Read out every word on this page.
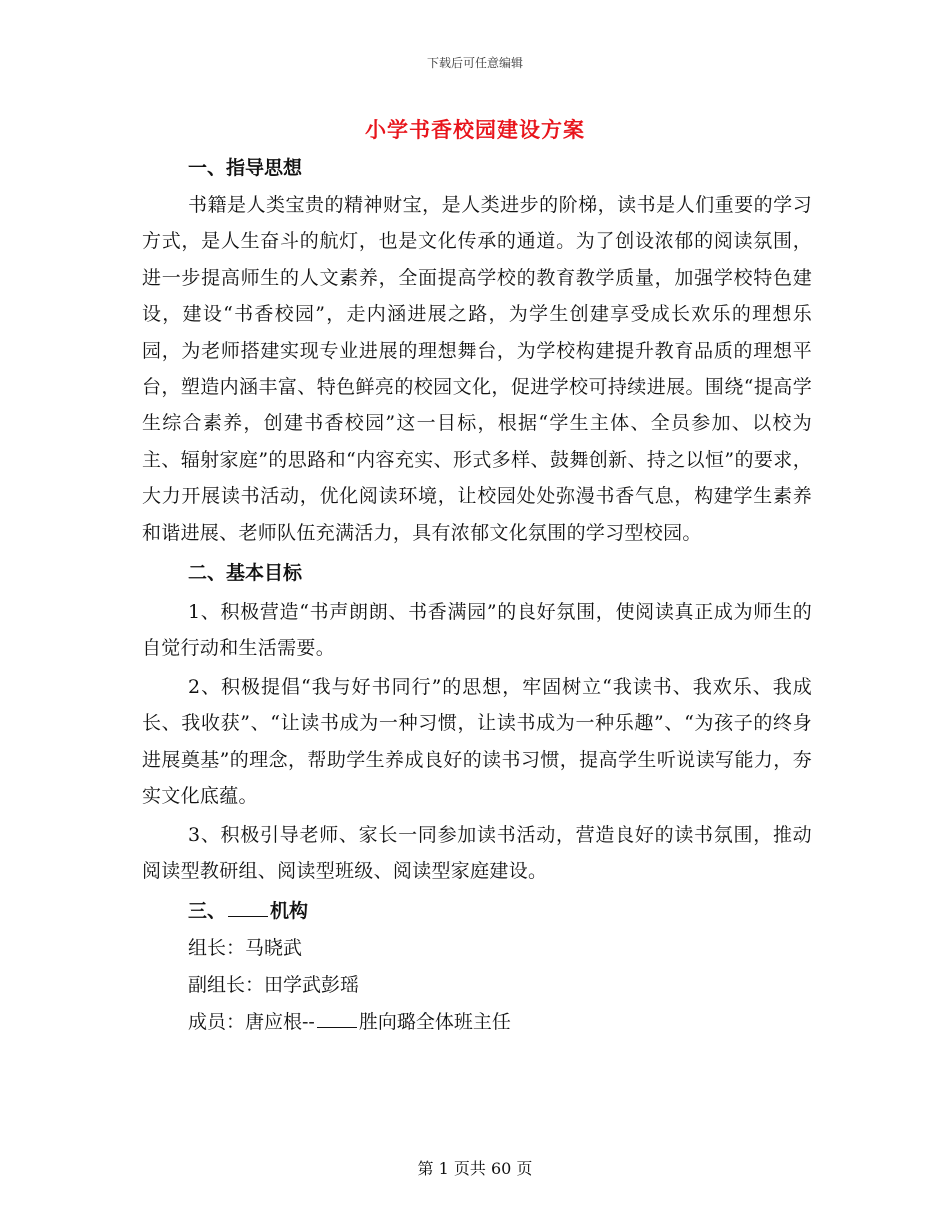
下载后可任意编辑
小学书香校园建设方案

一、指导思想

书籍是人类宝贵的精神财宝，是人类进步的阶梯，读书是人们重要的学习方式，是人生奋斗的航灯，也是文化传承的通道。为了创设浓郁的阅读氛围，进一步提高师生的人文素养，全面提高学校的教育教学质量，加强学校特色建设，建设“书香校园”，走内涵进展之路，为学生创建享受成长欢乐的理想乐园，为老师搭建实现专业进展的理想舞台，为学校构建提升教育品质的理想平台，塑造内涵丰富、特色鲜亮的校园文化，促进学校可持续进展。围绕“提高学生综合素养，创建书香校园”这一目标，根据“学生主体、全员参加、以校为主、辐射家庭”的思路和“内容充实、形式多样、鼓舞创新、持之以恒”的要求，大力开展读书活动，优化阅读环境，让校园处处弥漫书香气息，构建学生素养和谐进展、老师队伍充满活力，具有浓郁文化氛围的学习型校园。

二、基本目标

1、积极营造“书声朗朗、书香满园”的良好氛围，使阅读真正成为师生的自觉行动和生活需要。

2、积极提倡“我与好书同行”的思想，牢固树立“我读书、我欢乐、我成长、我收获”、“让读书成为一种习惯，让读书成为一种乐趣”、“为孩子的终身进展奠基”的理念，帮助学生养成良好的读书习惯，提高学生听说读写能力，夯实文化底蕴。

3、积极引导老师、家长一同参加读书活动，营造良好的读书氛围，推动阅读型教研组、阅读型班级、阅读型家庭建设。

三、 机构

组长：马晓武

副组长：田学武彭瑶

成员：唐应根-- 胜向璐全体班主任

第 1 页共 60 页
